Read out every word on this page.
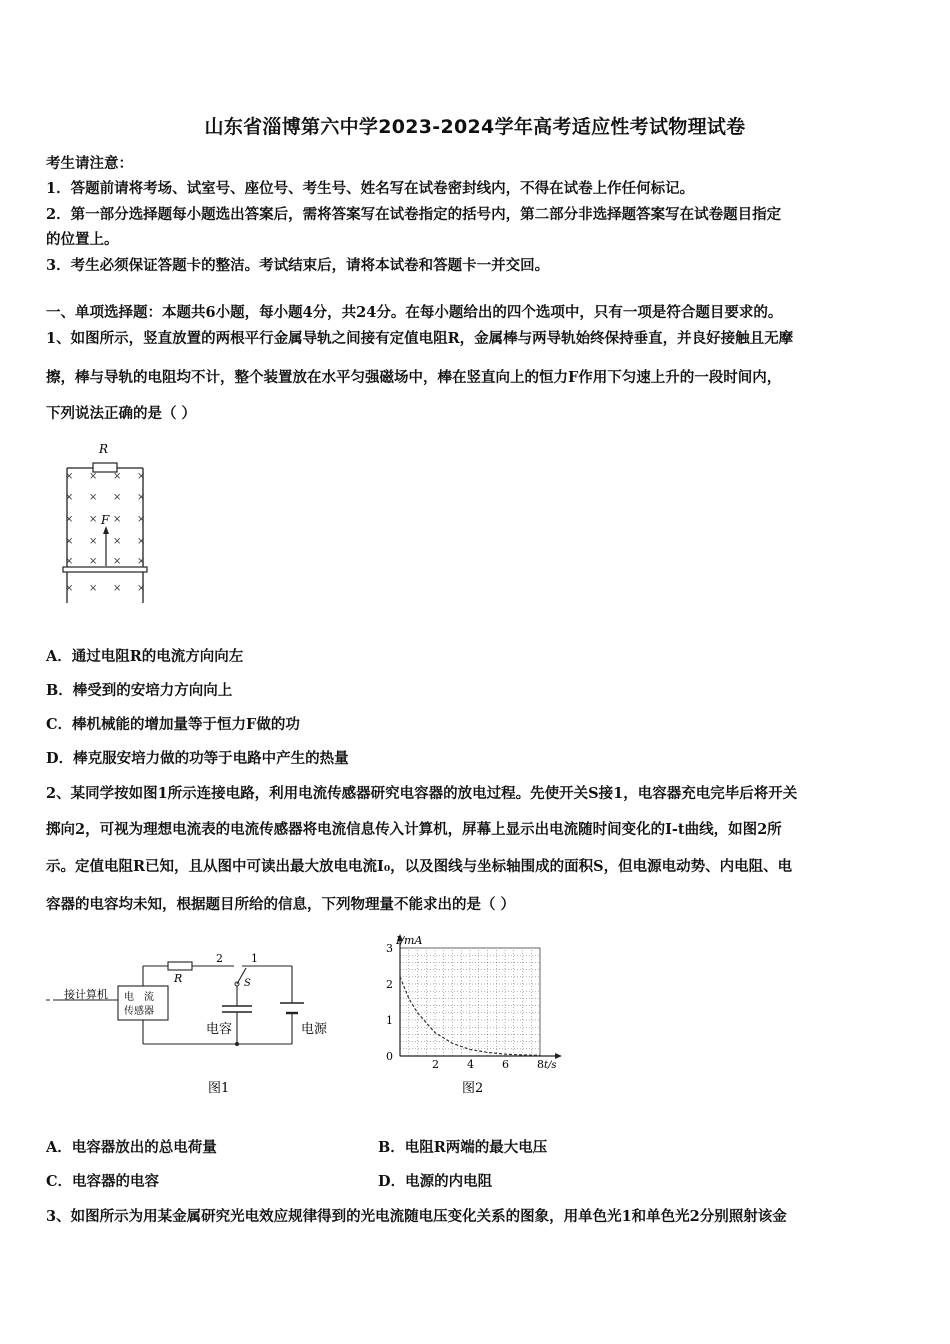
山东省淄博第六中学2023-2024学年高考适应性考试物理试卷
考生请注意：
1．答题前请将考场、试室号、座位号、考生号、姓名写在试卷密封线内，不得在试卷上作任何标记。
2．第一部分选择题每小题选出答案后，需将答案写在试卷指定的括号内，第二部分非选择题答案写在试卷题目指定
的位置上。
3．考生必须保证答题卡的整洁。考试结束后，请将本试卷和答题卡一并交回。
一、单项选择题：本题共6小题，每小题4分，共24分。在每小题给出的四个选项中，只有一项是符合题目要求的。
1、如图所示，竖直放置的两根平行金属导轨之间接有定值电阻R，金属棒与两导轨始终保持垂直，并良好接触且无摩
擦，棒与导轨的电阻均不计，整个装置放在水平匀强磁场中，棒在竖直向上的恒力F作用下匀速上升的一段时间内，
下列说法正确的是（ ）
R
F
× × × ×
× × × ×
× × × ×
× × × ×
× × × ×
× × × ×
A．通过电阻R的电流方向向左
B．棒受到的安培力方向向上
C．棒机械能的增加量等于恒力F做的功
D．棒克服安培力做的功等于电路中产生的热量
2、某同学按如图1所示连接电路，利用电流传感器研究电容器的放电过程。先使开关S接1，电容器充电完毕后将开关
掷向2，可视为理想电流表的电流传感器将电流信息传入计算机，屏幕上显示出电流随时间变化的I-t曲线，如图2所
示。定值电阻R已知，且从图中可读出最大放电电流I₀，以及图线与坐标轴围成的面积S，但电源电动势、内电阻、电
容器的电容均未知，根据题目所给的信息，下列物理量不能求出的是（ ）
接计算机 电　流
传感器
R
2	1
S
电容	电源
图1
I/mA
t/s
0
1
2
3
2	4	6	8
图2
A．电容器放出的总电荷量	B．电阻R两端的最大电压
C．电容器的电容	D．电源的内电阻
3、如图所示为用某金属研究光电效应规律得到的光电流随电压变化关系的图象，用单色光1和单色光2分别照射该金
